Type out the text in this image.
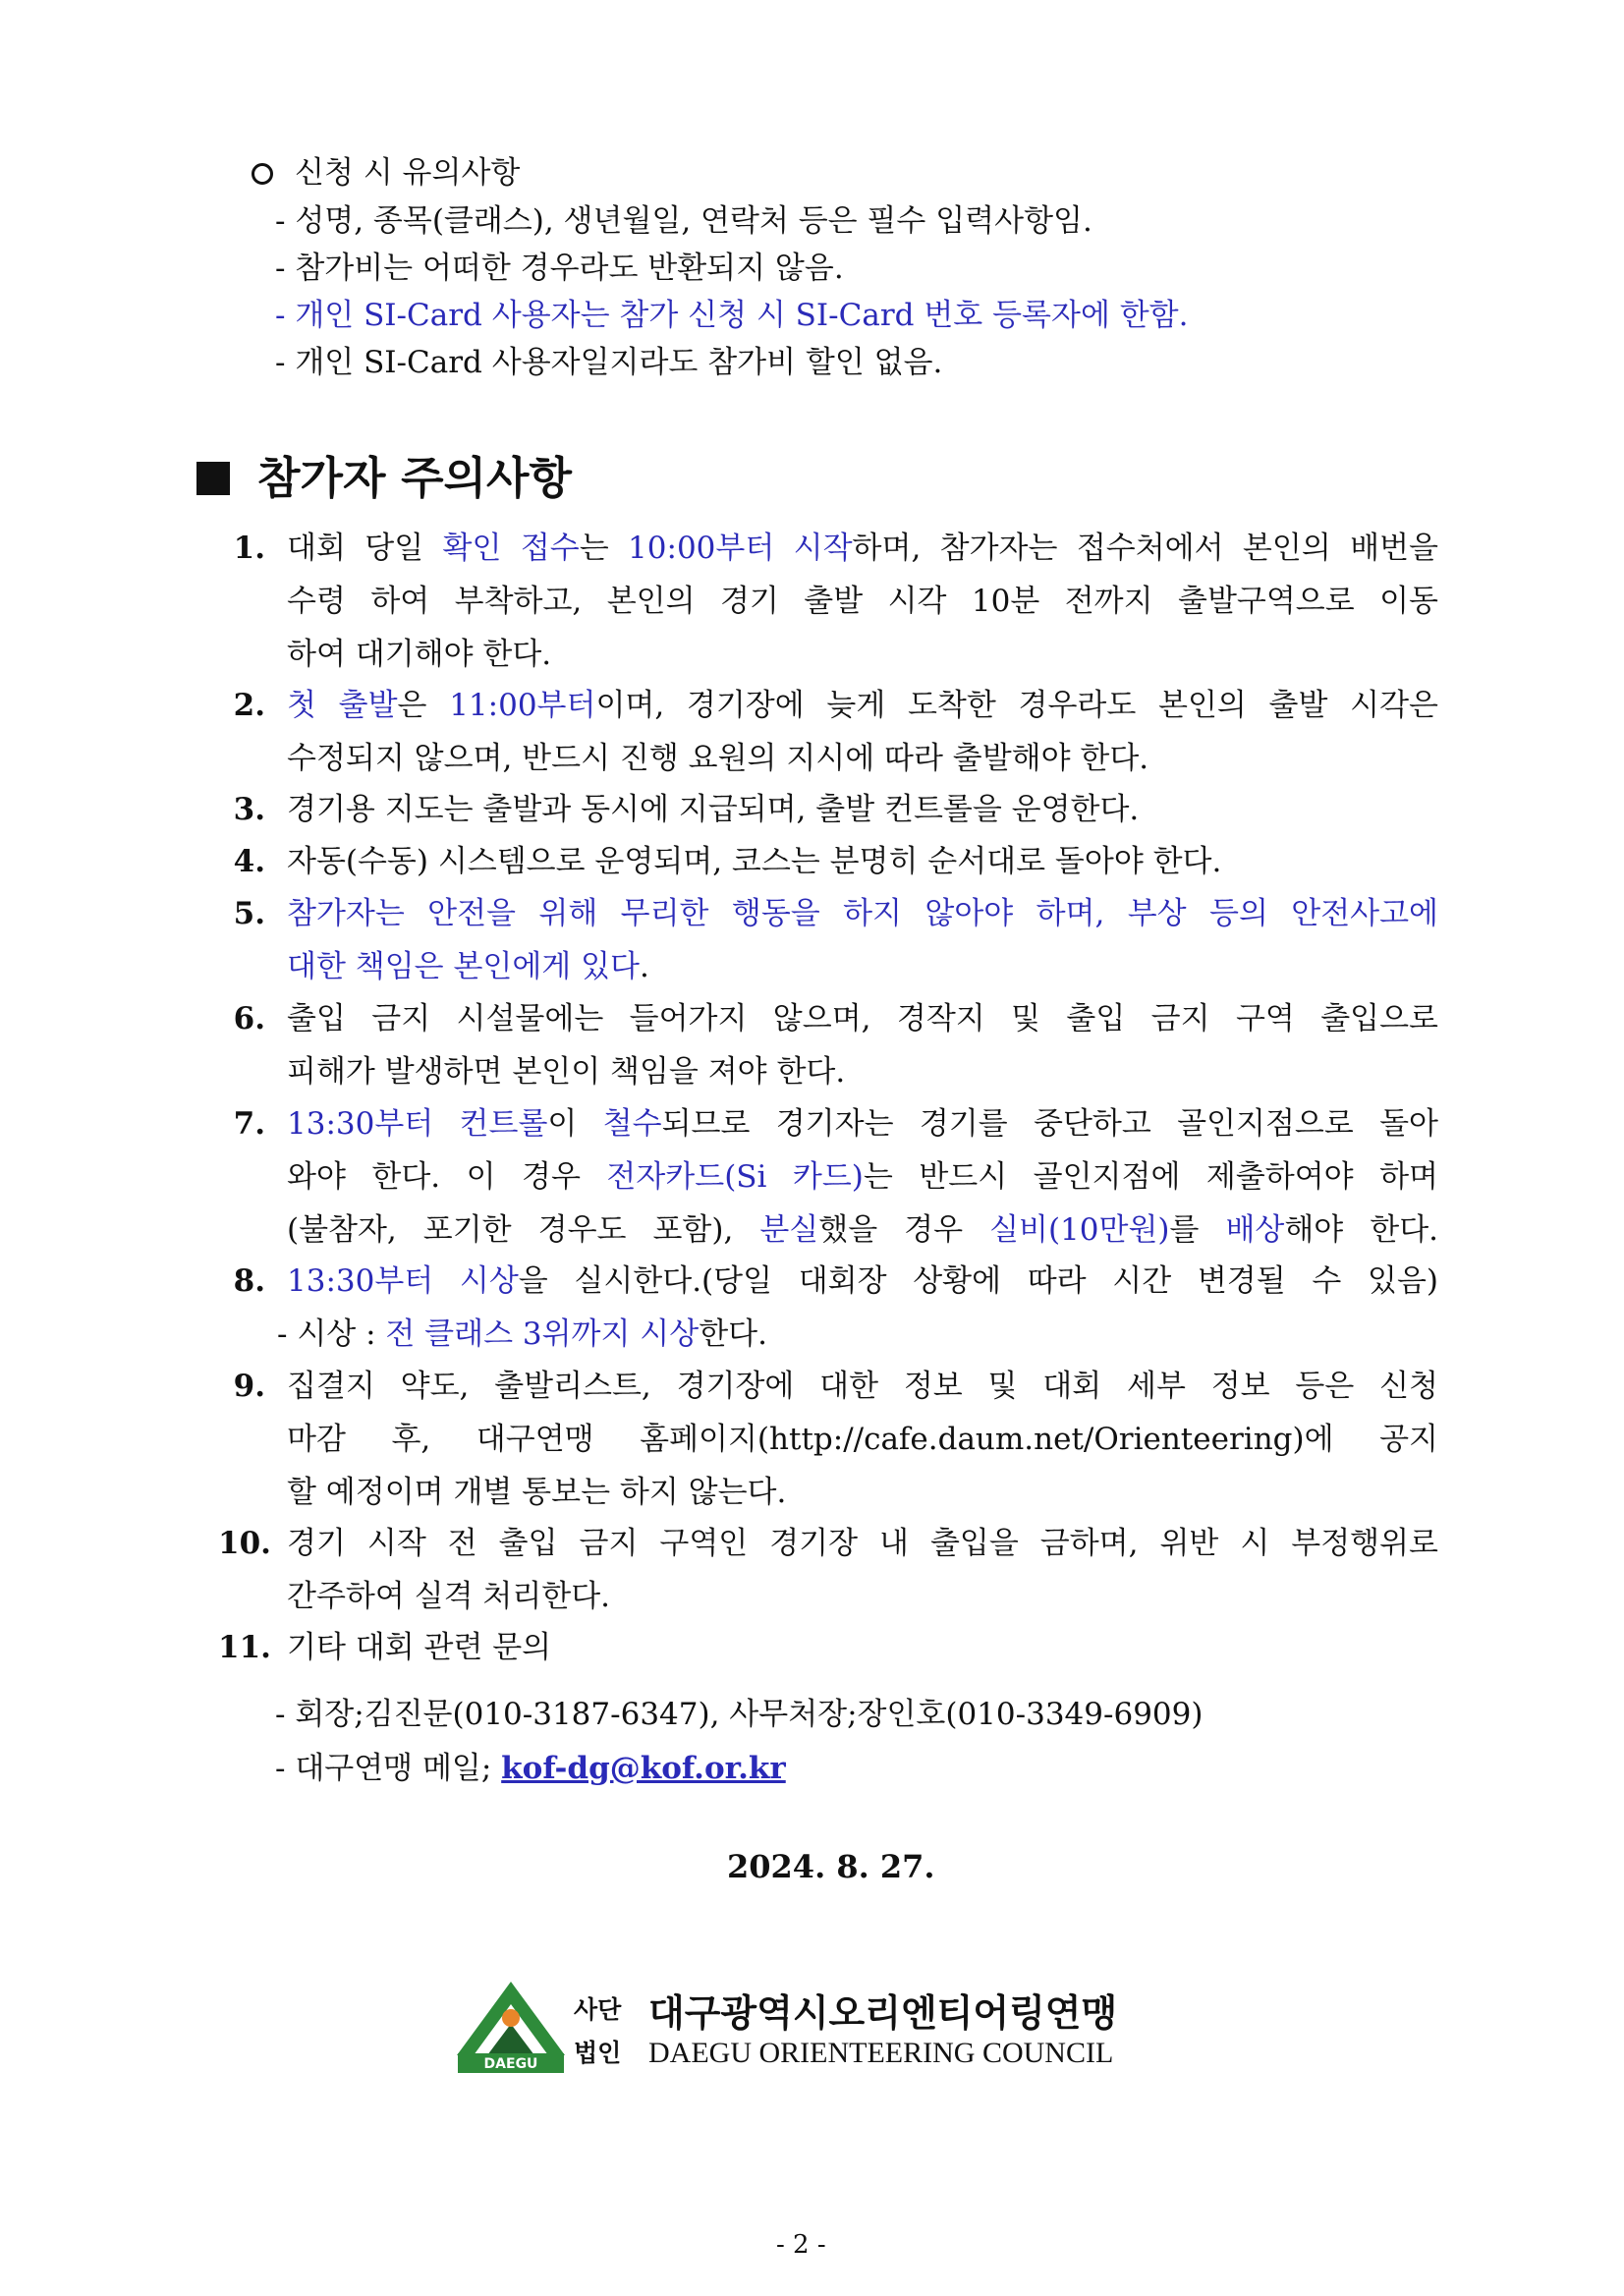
신청 시 유의사항
- 성명, 종목(클래스), 생년월일, 연락처 등은 필수 입력사항임.
- 참가비는 어떠한 경우라도 반환되지 않음.
- 개인 SI-Card 사용자는 참가 신청 시 SI-Card 번호 등록자에 한함.
- 개인 SI-Card 사용자일지라도 참가비 할인 없음.
참가자 주의사항
1. 대회 당일 확인 접수는 10:00부터 시작하며, 참가자는 접수처에서 본인의 배번을
수령 하여 부착하고, 본인의 경기 출발 시각 10분 전까지 출발구역으로 이동
하여 대기해야 한다.
2. 첫 출발은 11:00부터이며, 경기장에 늦게 도착한 경우라도 본인의 출발 시각은
수정되지 않으며, 반드시 진행 요원의 지시에 따라 출발해야 한다.
3. 경기용 지도는 출발과 동시에 지급되며, 출발 컨트롤을 운영한다.
4. 자동(수동) 시스템으로 운영되며, 코스는 분명히 순서대로 돌아야 한다.
5. 참가자는 안전을 위해 무리한 행동을 하지 않아야 하며, 부상 등의 안전사고에
대한 책임은 본인에게 있다.
6. 출입 금지 시설물에는 들어가지 않으며, 경작지 및 출입 금지 구역 출입으로
피해가 발생하면 본인이 책임을 져야 한다.
7. 13:30부터 컨트롤이 철수되므로 경기자는 경기를 중단하고 골인지점으로 돌아
와야 한다. 이 경우 전자카드(Si 카드)는 반드시 골인지점에 제출하여야 하며
(불참자, 포기한 경우도 포함), 분실했을 경우 실비(10만원)를 배상해야 한다.
8. 13:30부터 시상을 실시한다.(당일 대회장 상황에 따라 시간 변경될 수 있음)
- 시상 : 전 클래스 3위까지 시상한다.
9. 집결지 약도, 출발리스트, 경기장에 대한 정보 및 대회 세부 정보 등은 신청
마감 후, 대구연맹 홈페이지(http://cafe.daum.net/Orienteering)에 공지
할 예정이며 개별 통보는 하지 않는다.
10. 경기 시작 전 출입 금지 구역인 경기장 내 출입을 금하며, 위반 시 부정행위로
간주하여 실격 처리한다.
11. 기타 대회 관련 문의
- 회장;김진문(010-3187-6347), 사무처장;장인호(010-3349-6909)
- 대구연맹 메일; kof-dg@kof.or.kr
2024. 8. 27.
DAEGU
사단
법인
대구광역시오리엔티어링연맹
DAEGU ORIENTEERING COUNCIL
- 2 -
